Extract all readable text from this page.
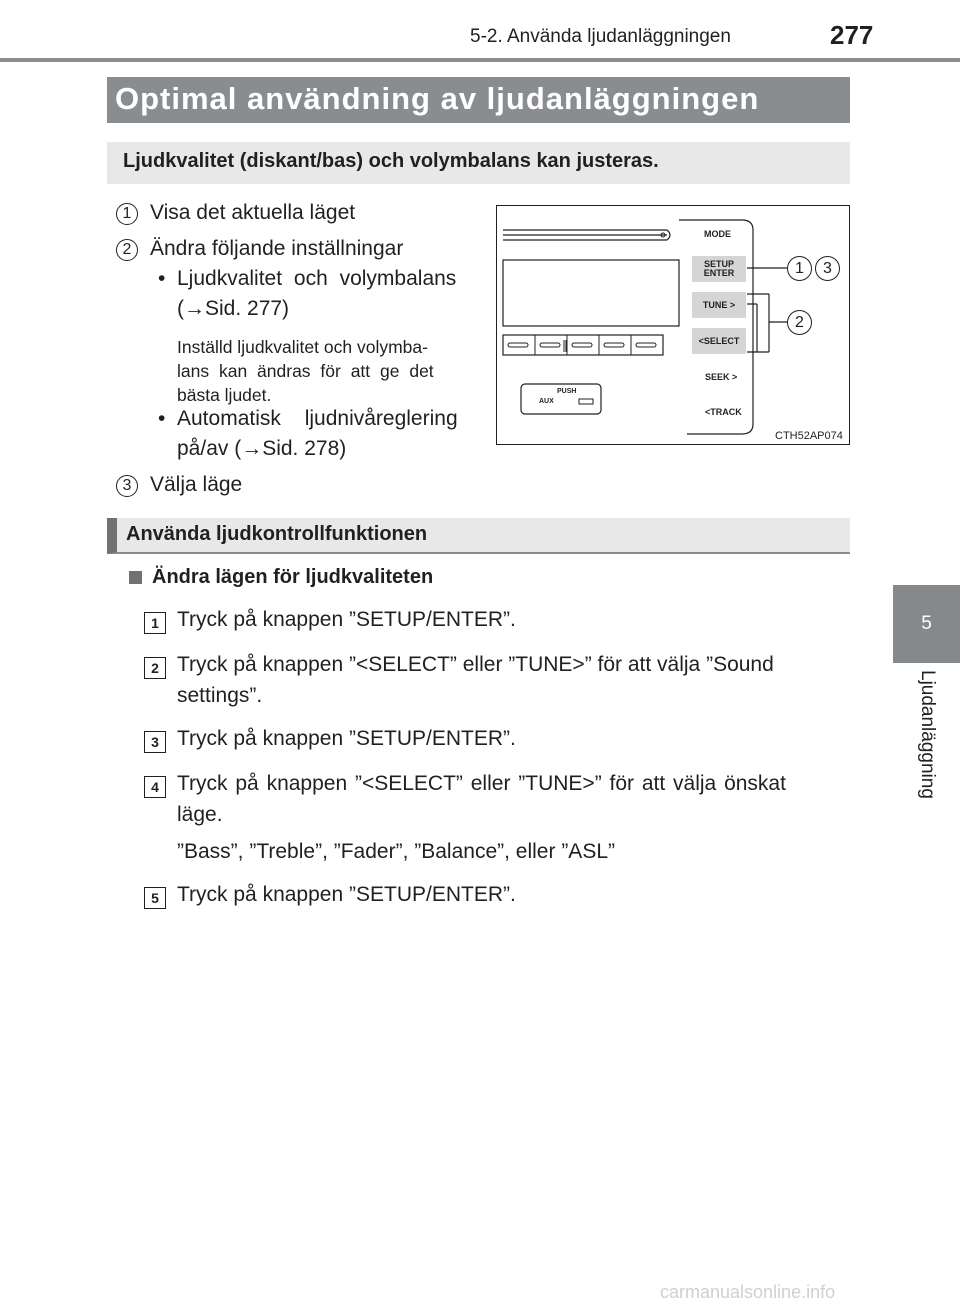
5-2. Använda ljudanläggningen	277
5
Ljudanläggning
Optimal användning av ljudanläggningen
Ljudkvalitet (diskant/bas) och volymbalans kan justeras.
1 Visa det aktuella läget
2 Ändra följande inställningar
• Ljudkvalitet och volymbalans
(→Sid. 277)
Inställd ljudkvalitet och volymba-
lans kan ändras för att ge det
bästa ljudet.
• Automatisk ljudnivåreglering
på/av (→Sid. 278)
3 Välja läge
MODE
SETUP
ENTER
TUNE >
<SELECT
SEEK >
<TRACK
PUSH
AUX
1	3
2
CTH52AP074
Använda ljudkontrollfunktionen
Ändra lägen för ljudkvaliteten
1 Tryck på knappen ”SETUP/ENTER”.
2 Tryck på knappen ”<SELECT” eller ”TUNE>” för att välja ”Sound
settings”.
3 Tryck på knappen ”SETUP/ENTER”.
4 Tryck på knappen ”<SELECT” eller ”TUNE>” för att välja önskat
läge.
”Bass”, ”Treble”, ”Fader”, ”Balance”, eller ”ASL”
5 Tryck på knappen ”SETUP/ENTER”.
carmanualsonline.info
